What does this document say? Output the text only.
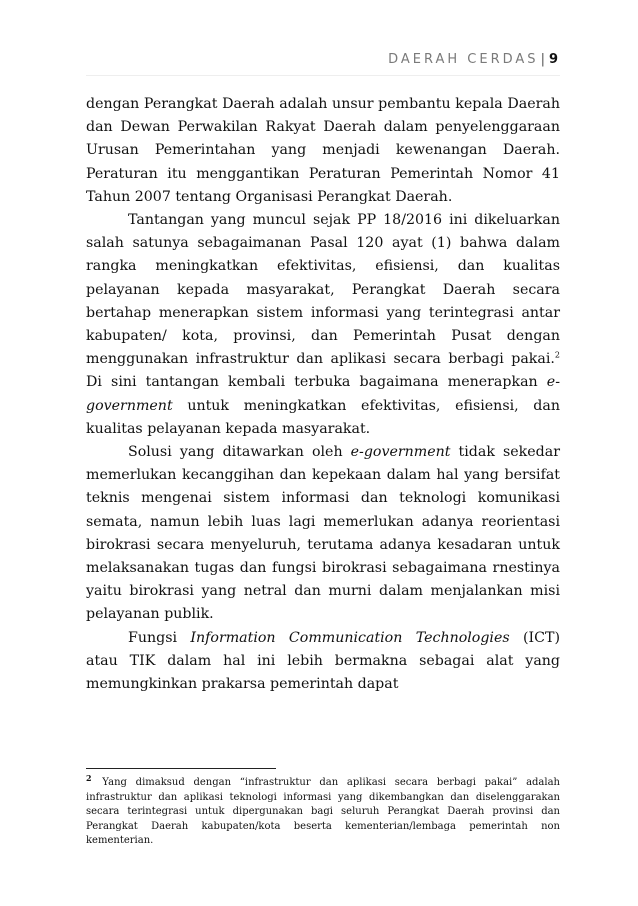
DAERAH CERDAS | 9

dengan Perangkat Daerah adalah unsur pembantu kepala Daerah dan Dewan Perwakilan Rakyat Daerah dalam penyelenggaraan Urusan Pemerintahan yang menjadi kewenangan Daerah. Peraturan itu menggantikan Peraturan Pemerintah Nomor 41 Tahun 2007 tentang Organisasi Perangkat Daerah.

Tantangan yang muncul sejak PP 18/2016 ini dikeluarkan salah satunya sebagaimanan Pasal 120 ayat (1) bahwa dalam rangka meningkatkan efektivitas, efisiensi, dan kualitas pelayanan kepada masyarakat, Perangkat Daerah secara bertahap menerapkan sistem informasi yang terintegrasi antar kabupaten/ kota, provinsi, dan Pemerintah Pusat dengan menggunakan infrastruktur dan aplikasi secara berbagi pakai.$^2$ Di sini tantangan kembali terbuka bagaimana menerapkan e-government untuk meningkatkan efektivitas, efisiensi, dan kualitas pelayanan kepada masyarakat.

Solusi yang ditawarkan oleh e-government tidak sekedar memerlukan kecanggihan dan kepekaan dalam hal yang bersifat teknis mengenai sistem informasi dan teknologi komunikasi semata, namun lebih luas lagi memerlukan adanya reorientasi birokrasi secara menyeluruh, terutama adanya kesadaran untuk melaksanakan tugas dan fungsi birokrasi sebagaimana rnestinya yaitu birokrasi yang netral dan murni dalam menjalankan misi pelayanan publik.

Fungsi Information Communication Technologies (ICT) atau TIK dalam hal ini lebih bermakna sebagai alat yang memungkinkan prakarsa pemerintah dapat

$^2$ Yang dimaksud dengan “infrastruktur dan aplikasi secara berbagi pakai” adalah infrastruktur dan aplikasi teknologi informasi yang dikembangkan dan diselenggarakan secara terintegrasi untuk dipergunakan bagi seluruh Perangkat Daerah provinsi dan Perangkat Daerah kabupaten/kota beserta kementerian/lembaga pemerintah non kementerian.
